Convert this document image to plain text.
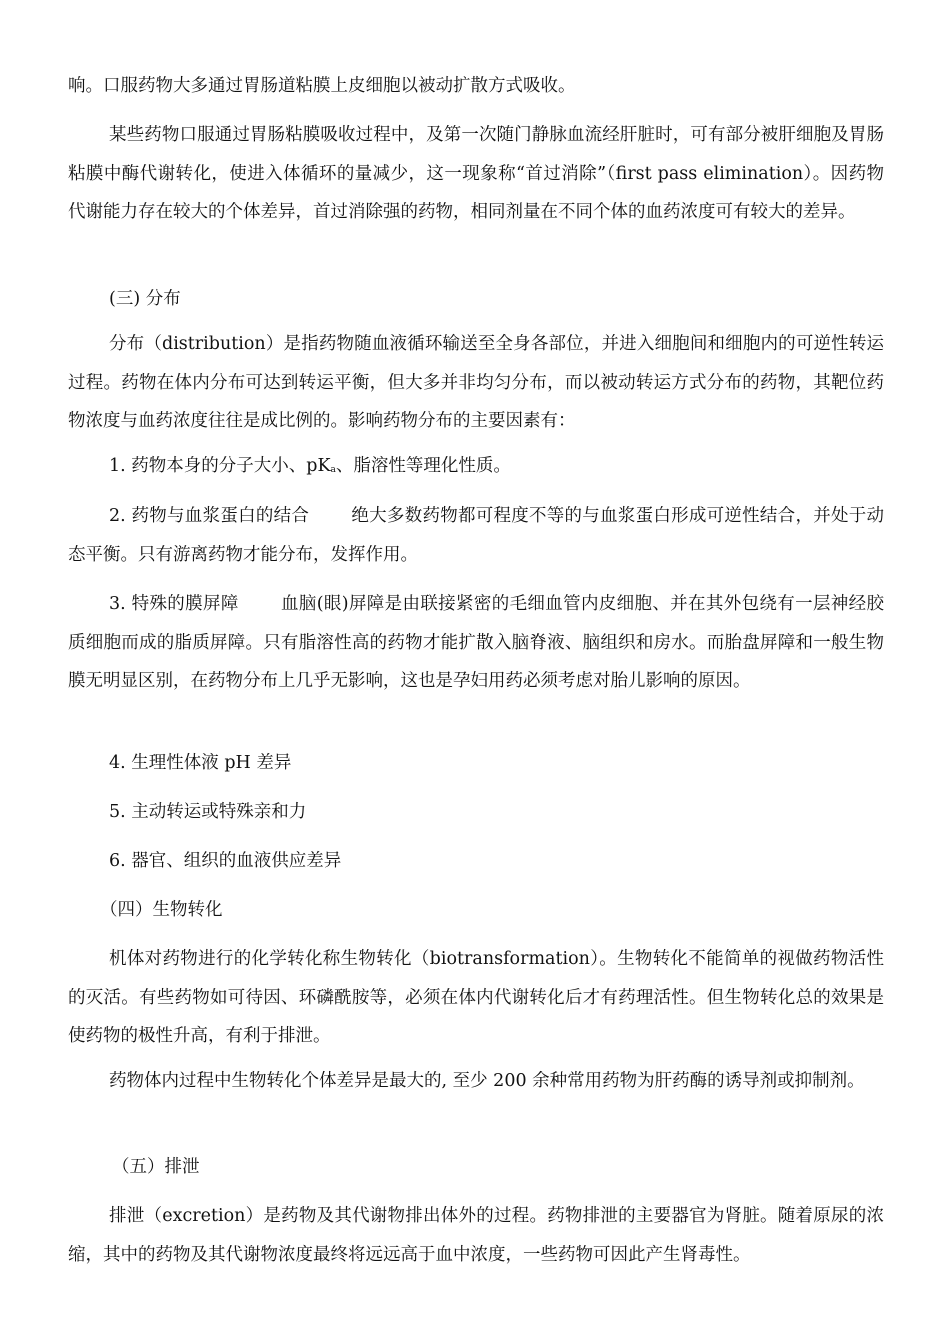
响。口服药物大多通过胃肠道粘膜上皮细胞以被动扩散方式吸收。

某些药物口服通过胃肠粘膜吸收过程中，及第一次随门静脉血流经肝脏时，可有部分被肝细胞及胃肠粘膜中酶代谢转化，使进入体循环的量减少，这一现象称“首过消除”（first pass elimination）。因药物代谢能力存在较大的个体差异，首过消除强的药物，相同剂量在不同个体的血药浓度可有较大的差异。

(三) 分布

分布（distribution）是指药物随血液循环输送至全身各部位，并进入细胞间和细胞内的可逆性转运过程。药物在体内分布可达到转运平衡，但大多并非均匀分布，而以被动转运方式分布的药物，其靶位药物浓度与血药浓度往往是成比例的。影响药物分布的主要因素有：

1. 药物本身的分子大小、$pK_a$、脂溶性等理化性质。

2. 药物与血浆蛋白的结合 绝大多数药物都可程度不等的与血浆蛋白形成可逆性结合，并处于动态平衡。只有游离药物才能分布，发挥作用。

3. 特殊的膜屏障 血脑(眼)屏障是由联接紧密的毛细血管内皮细胞、并在其外包绕有一层神经胶质细胞而成的脂质屏障。只有脂溶性高的药物才能扩散入脑脊液、脑组织和房水。而胎盘屏障和一般生物膜无明显区别，在药物分布上几乎无影响，这也是孕妇用药必须考虑对胎儿影响的原因。

4. 生理性体液 pH 差异

5. 主动转运或特殊亲和力

6. 器官、组织的血液供应差异

（四）生物转化

机体对药物进行的化学转化称生物转化（biotransformation）。生物转化不能简单的视做药物活性的灭活。有些药物如可待因、环磷酰胺等，必须在体内代谢转化后才有药理活性。但生物转化总的效果是使药物的极性升高，有利于排泄。

药物体内过程中生物转化个体差异是最大的, 至少 200 余种常用药物为肝药酶的诱导剂或抑制剂。

（五）排泄

排泄（excretion）是药物及其代谢物排出体外的过程。药物排泄的主要器官为肾脏。随着原尿的浓缩，其中的药物及其代谢物浓度最终将远远高于血中浓度，一些药物可因此产生肾毒性。
